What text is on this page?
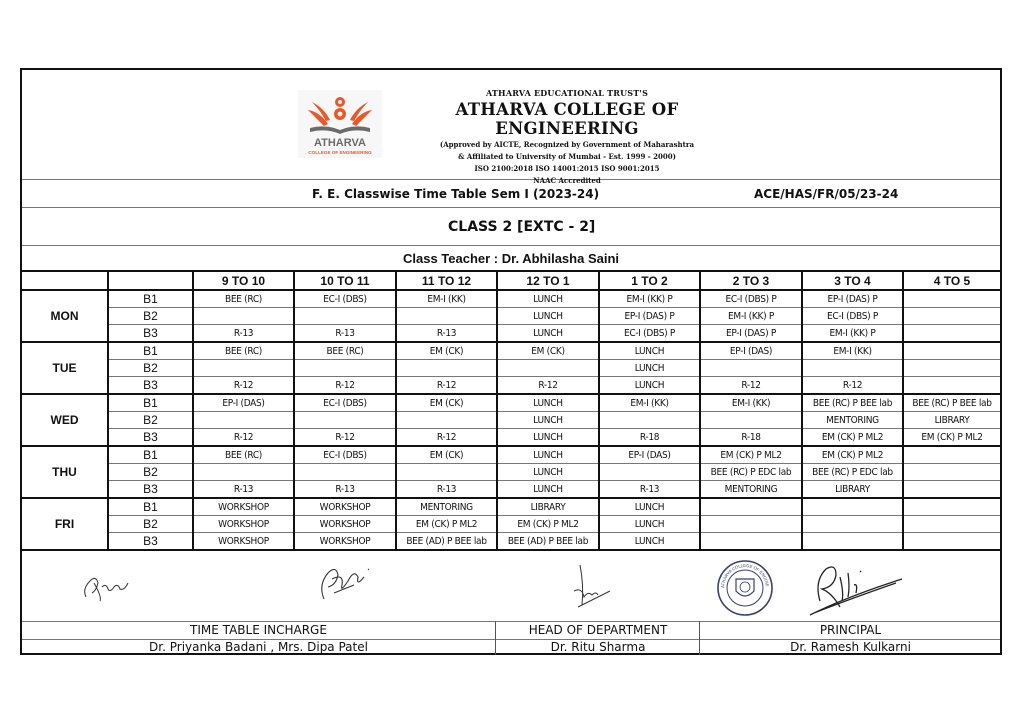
ATHARVA
COLLEGE OF ENGINEERING
ATHARVA EDUCATIONAL TRUST'S
ATHARVA COLLEGE OF ENGINEERING
(Approved by AICTE, Recognized by Government of Maharashtra
& Affiliated to University of Mumbai - Est. 1999 - 2000)
ISO 2100:2018 ISO 14001:2015 ISO 9001:2015
NAAC Accredited
F. E. Classwise Time Table Sem I (2023-24)	ACE/HAS/FR/05/23-24
CLASS 2 [EXTC - 2]
Class Teacher : Dr. Abhilasha Saini
		9 TO 10	10 TO 11	11 TO 12	12 TO 1	1 TO 2	2 TO 3	3 TO 4	4 TO 5
MON	B1	BEE (RC)	EC-I (DBS)	EM-I (KK)	LUNCH	EM-I (KK) P	EC-I (DBS) P	EP-I (DAS) P	
	B2				LUNCH	EP-I (DAS) P	EM-I (KK) P	EC-I (DBS) P	
	B3	R-13	R-13	R-13	LUNCH	EC-I (DBS) P	EP-I (DAS) P	EM-I (KK) P	
TUE	B1	BEE (RC)	BEE (RC)	EM (CK)	EM (CK)	LUNCH	EP-I (DAS)	EM-I (KK)	
	B2					LUNCH			
	B3	R-12	R-12	R-12	R-12	LUNCH	R-12	R-12	
WED	B1	EP-I (DAS)	EC-I (DBS)	EM (CK)	LUNCH	EM-I (KK)	EM-I (KK)	BEE (RC) P BEE lab	BEE (RC) P BEE lab
	B2				LUNCH			MENTORING	LIBRARY
	B3	R-12	R-12	R-12	LUNCH	R-18	R-18	EM (CK) P ML2	EM (CK) P ML2
THU	B1	BEE (RC)	EC-I (DBS)	EM (CK)	LUNCH	EP-I (DAS)	EM (CK) P ML2	EM (CK) P ML2	
	B2				LUNCH		BEE (RC) P EDC lab	BEE (RC) P EDC lab	
	B3	R-13	R-13	R-13	LUNCH	R-13	MENTORING	LIBRARY	
FRI	B1	WORKSHOP	WORKSHOP	MENTORING	LIBRARY	LUNCH			
	B2	WORKSHOP	WORKSHOP	EM (CK) P ML2	EM (CK) P ML2	LUNCH			
	B3	WORKSHOP	WORKSHOP	BEE (AD) P BEE lab	BEE (AD) P BEE lab	LUNCH			
ATHARVA COLLEGE OF ENGINE
TIME TABLE INCHARGE	HEAD OF DEPARTMENT	PRINCIPAL
Dr. Priyanka Badani , Mrs. Dipa Patel	Dr. Ritu Sharma	Dr. Ramesh Kulkarni
